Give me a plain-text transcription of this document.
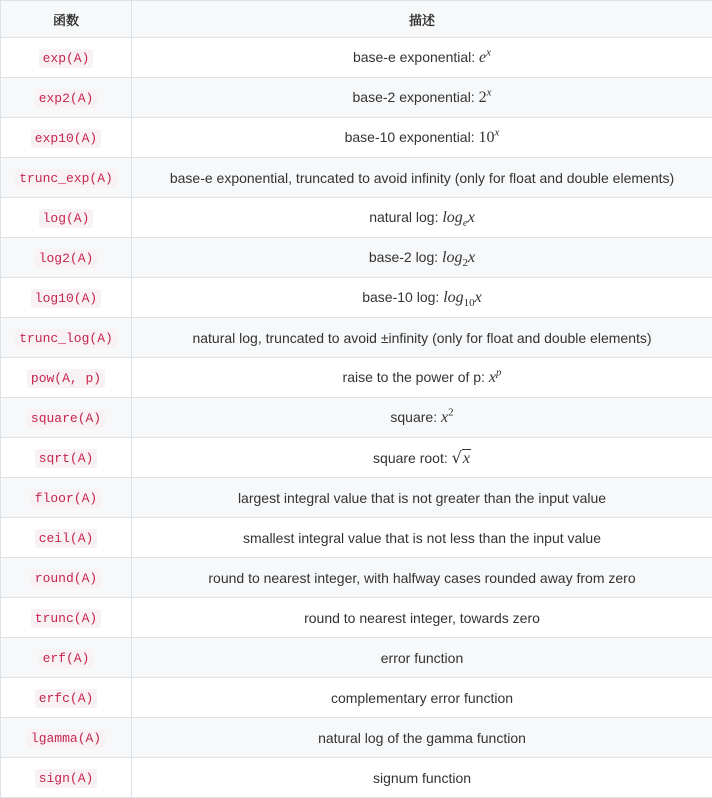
函数	描述
exp(A)	base-e exponential: $e^x$
exp2(A)	base-2 exponential: 2$^x$
exp10(A)	base-10 exponential: 10$^x$
trunc_exp(A)	base-e exponential, truncated to avoid infinity (only for float and double elements)
log(A)	natural log: $\log_ex$
log2(A)	base-2 log: $\log_2x$
log10(A)	base-10 log: $\log_{10}x$
trunc_log(A)	natural log, truncated to avoid ±infinity (only for float and double elements)
pow(A, p)	raise to the power of p: $x^p$
square(A)	square: $x^2$
sqrt(A)	square root: √x
floor(A)	largest integral value that is not greater than the input value
ceil(A)	smallest integral value that is not less than the input value
round(A)	round to nearest integer, with halfway cases rounded away from zero
trunc(A)	round to nearest integer, towards zero
erf(A)	error function
erfc(A)	complementary error function
lgamma(A)	natural log of the gamma function
sign(A)	signum function
